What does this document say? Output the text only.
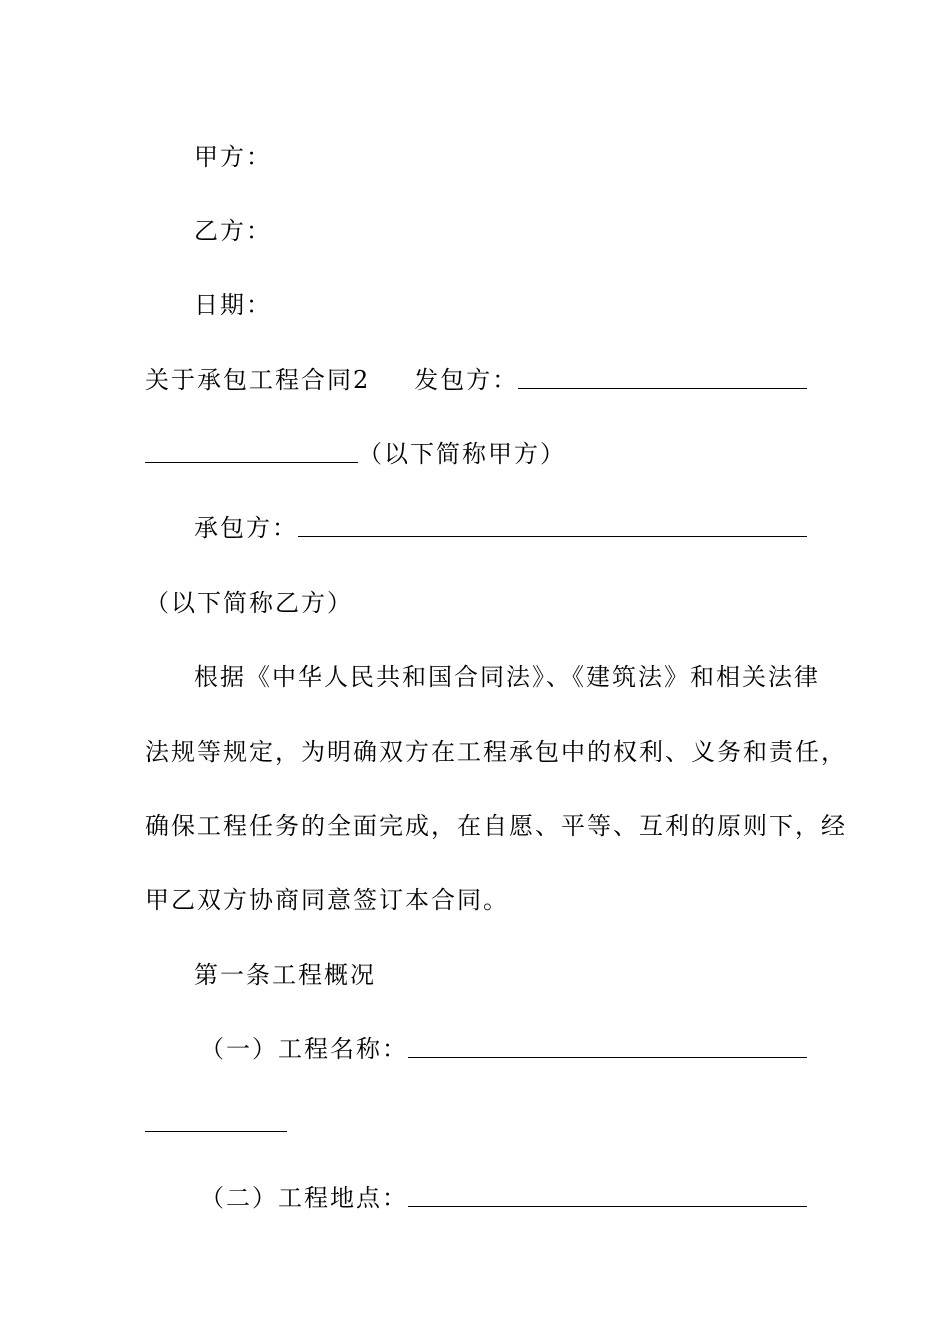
甲方：
乙方：
日期：
关于承包工程合同2 发包方：
（以下简称甲方）
承包方：
（以下简称乙方）
根据《中华人民共和国合同法》、《建筑法》和相关法律
法规等规定，为明确双方在工程承包中的权利、义务和责任，
确保工程任务的全面完成，在自愿、平等、互利的原则下，经
甲乙双方协商同意签订本合同。
第一条工程概况
（一）工程名称：
（二）工程地点：
